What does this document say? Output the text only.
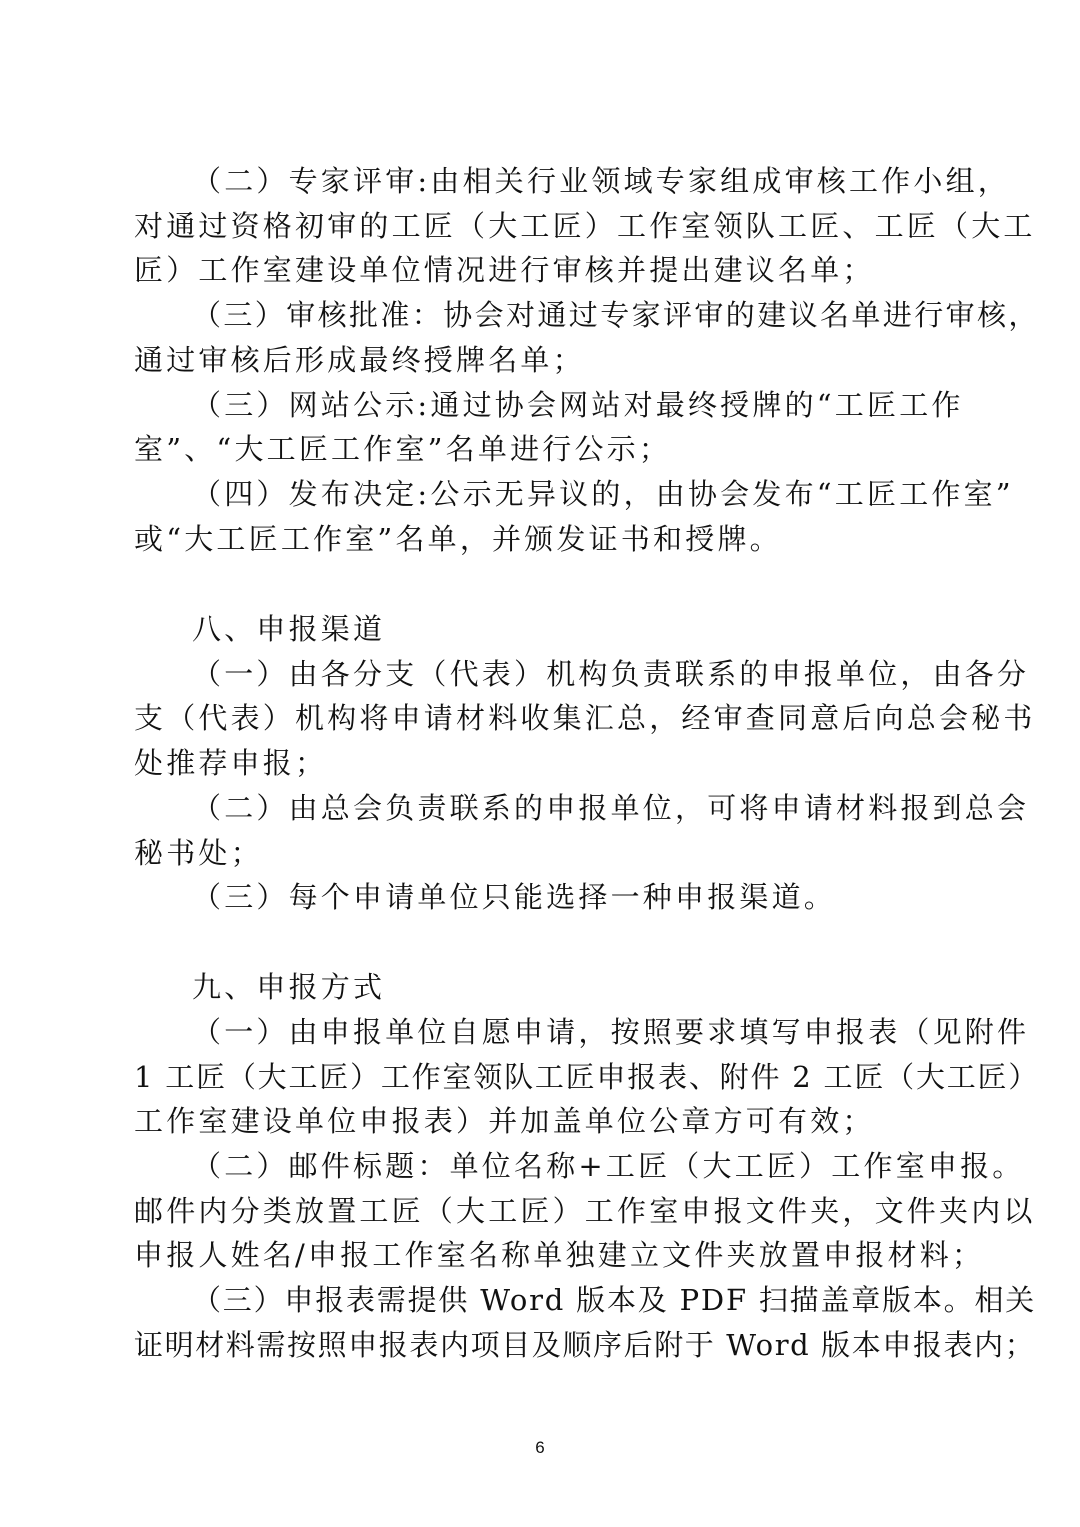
（二）专家评审:由相关行业领域专家组成审核工作小组，
对通过资格初审的工匠（大工匠）工作室领队工匠、工匠（大工
匠）工作室建设单位情况进行审核并提出建议名单；
（三）审核批准：协会对通过专家评审的建议名单进行审核，
通过审核后形成最终授牌名单；
（三）网站公示:通过协会网站对最终授牌的“工匠工作
室”、“大工匠工作室”名单进行公示；
（四）发布决定:公示无异议的，由协会发布“工匠工作室”
或“大工匠工作室”名单，并颁发证书和授牌。
八、申报渠道
（一）由各分支（代表）机构负责联系的申报单位，由各分
支（代表）机构将申请材料收集汇总，经审查同意后向总会秘书
处推荐申报；
（二）由总会负责联系的申报单位，可将申请材料报到总会
秘书处；
（三）每个申请单位只能选择一种申报渠道。
九、申报方式
（一）由申报单位自愿申请，按照要求填写申报表（见附件
1 工匠（大工匠）工作室领队工匠申报表、附件 2 工匠（大工匠）
工作室建设单位申报表）并加盖单位公章方可有效；
（二）邮件标题：单位名称+工匠（大工匠）工作室申报。
邮件内分类放置工匠（大工匠）工作室申报文件夹，文件夹内以
申报人姓名/申报工作室名称单独建立文件夹放置申报材料；
（三）申报表需提供 Word 版本及 PDF 扫描盖章版本。相关
证明材料需按照申报表内项目及顺序后附于 Word 版本申报表内；
6
